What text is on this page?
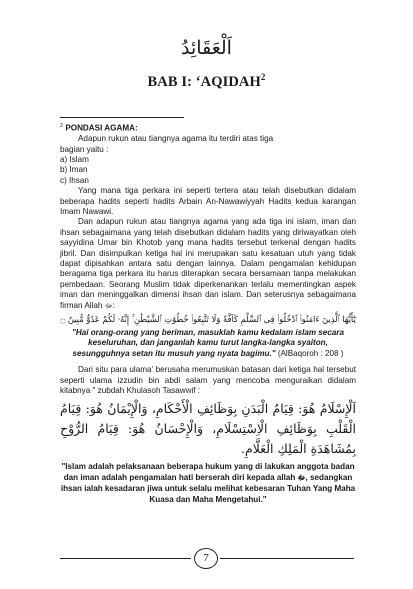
اَلْعَقَائِدُ
BAB I: ‘AQIDAH$^2$

$^2$ PONDASI AGAMA:

Adapun rukun atau tiangnya agama itu terdiri atas tiga

bagian yaitu :

a) Islam

b) Iman

c) Ihsan

Yang mana tiga perkara ini seperti tertera atau telah disebutkan didalam beberapa hadits seperti hadits Arbain An-Nawawiyyah Hadits kedua karangan Imam Nawawi.

Dan adapun rukun atau tiangnya agama yang ada tiga ini islam, iman dan ihsan sebagaimana yang telah disebutkan didalam hadits yang diriwayatkan oleh sayyidina Umar bin Khotob yang mana hadits tersebut terkenal dengan hadits jibril. Dan disimpulkan ketiga hal ini merupakan satu kesatuan utuh yang tidak dapat dipisahkan antara satu dengan lainnya. Dalam pengamalan kehidupan beragama tiga perkara itu harus diterapkan secara bersamaan tanpa melakukan pembedaan. Seorang Muslim tidak diperkenankan terlalu mementingkan aspek iman dan meninggalkan dimensi ihsan dan islam. Dan seterusnya sebagaimana firman Allah ﷻ:

يَٰٓأَيُّهَا ٱلَّذِينَ ءَامَنُوا۟ ٱدْخُلُوا۟ فِى ٱلسِّلْمِ كَآفَّةً وَلَا تَتَّبِعُوا۟ خُطُوَٰتِ ٱلشَّيْطَٰنِ ۚ إِنَّهُۥ لَكُمْ عَدُوٌّ مُّبِينٌ ۝

"Hai orang-orang yang beriman, masuklah kamu kedalam islam secara keseluruhan, dan janganlah kamu turut langka-langka syaiton, sesungguhnya setan itu musuh yang nyata bagimu." (AlBaqoroh : 208 )

Dari situ para ulama’ berusaha merumuskan batasan dari ketiga hal tersebut seperti ulama izzudin bin abdi salam yang mencoba menguraikan didalam kitabnya " zubdah Khulasoh Tasawwif :

اَلْإِسْلَامُ هُوَ: قِيَامُ الْبَدَنِ بِوَظَائِفِ الْأَحْكَامِ، وَالْإِيْمَانُ هُوَ: قِيَامُ الْقَلْبِ بِوَظَائِفِ الْاِسْتِسْلَامِ، وَالْإِحْسَانُ هُوَ: قِيَامُ الرُّوْحِ بِمُشَاهَدَةِ الْمَلِكِ الْعَلَّامِ.

"Islam adalah pelaksanaan beberapa hukum yang di lakukan anggota badan dan iman adalah pengamalan hati berserah diri kepada allah ﷻ, sedangkan ihsan ialah kesadaran jiwa untuk selalu melihat kebesaran Tuhan Yang Maha Kuasa dan Maha Mengetahui."

7
